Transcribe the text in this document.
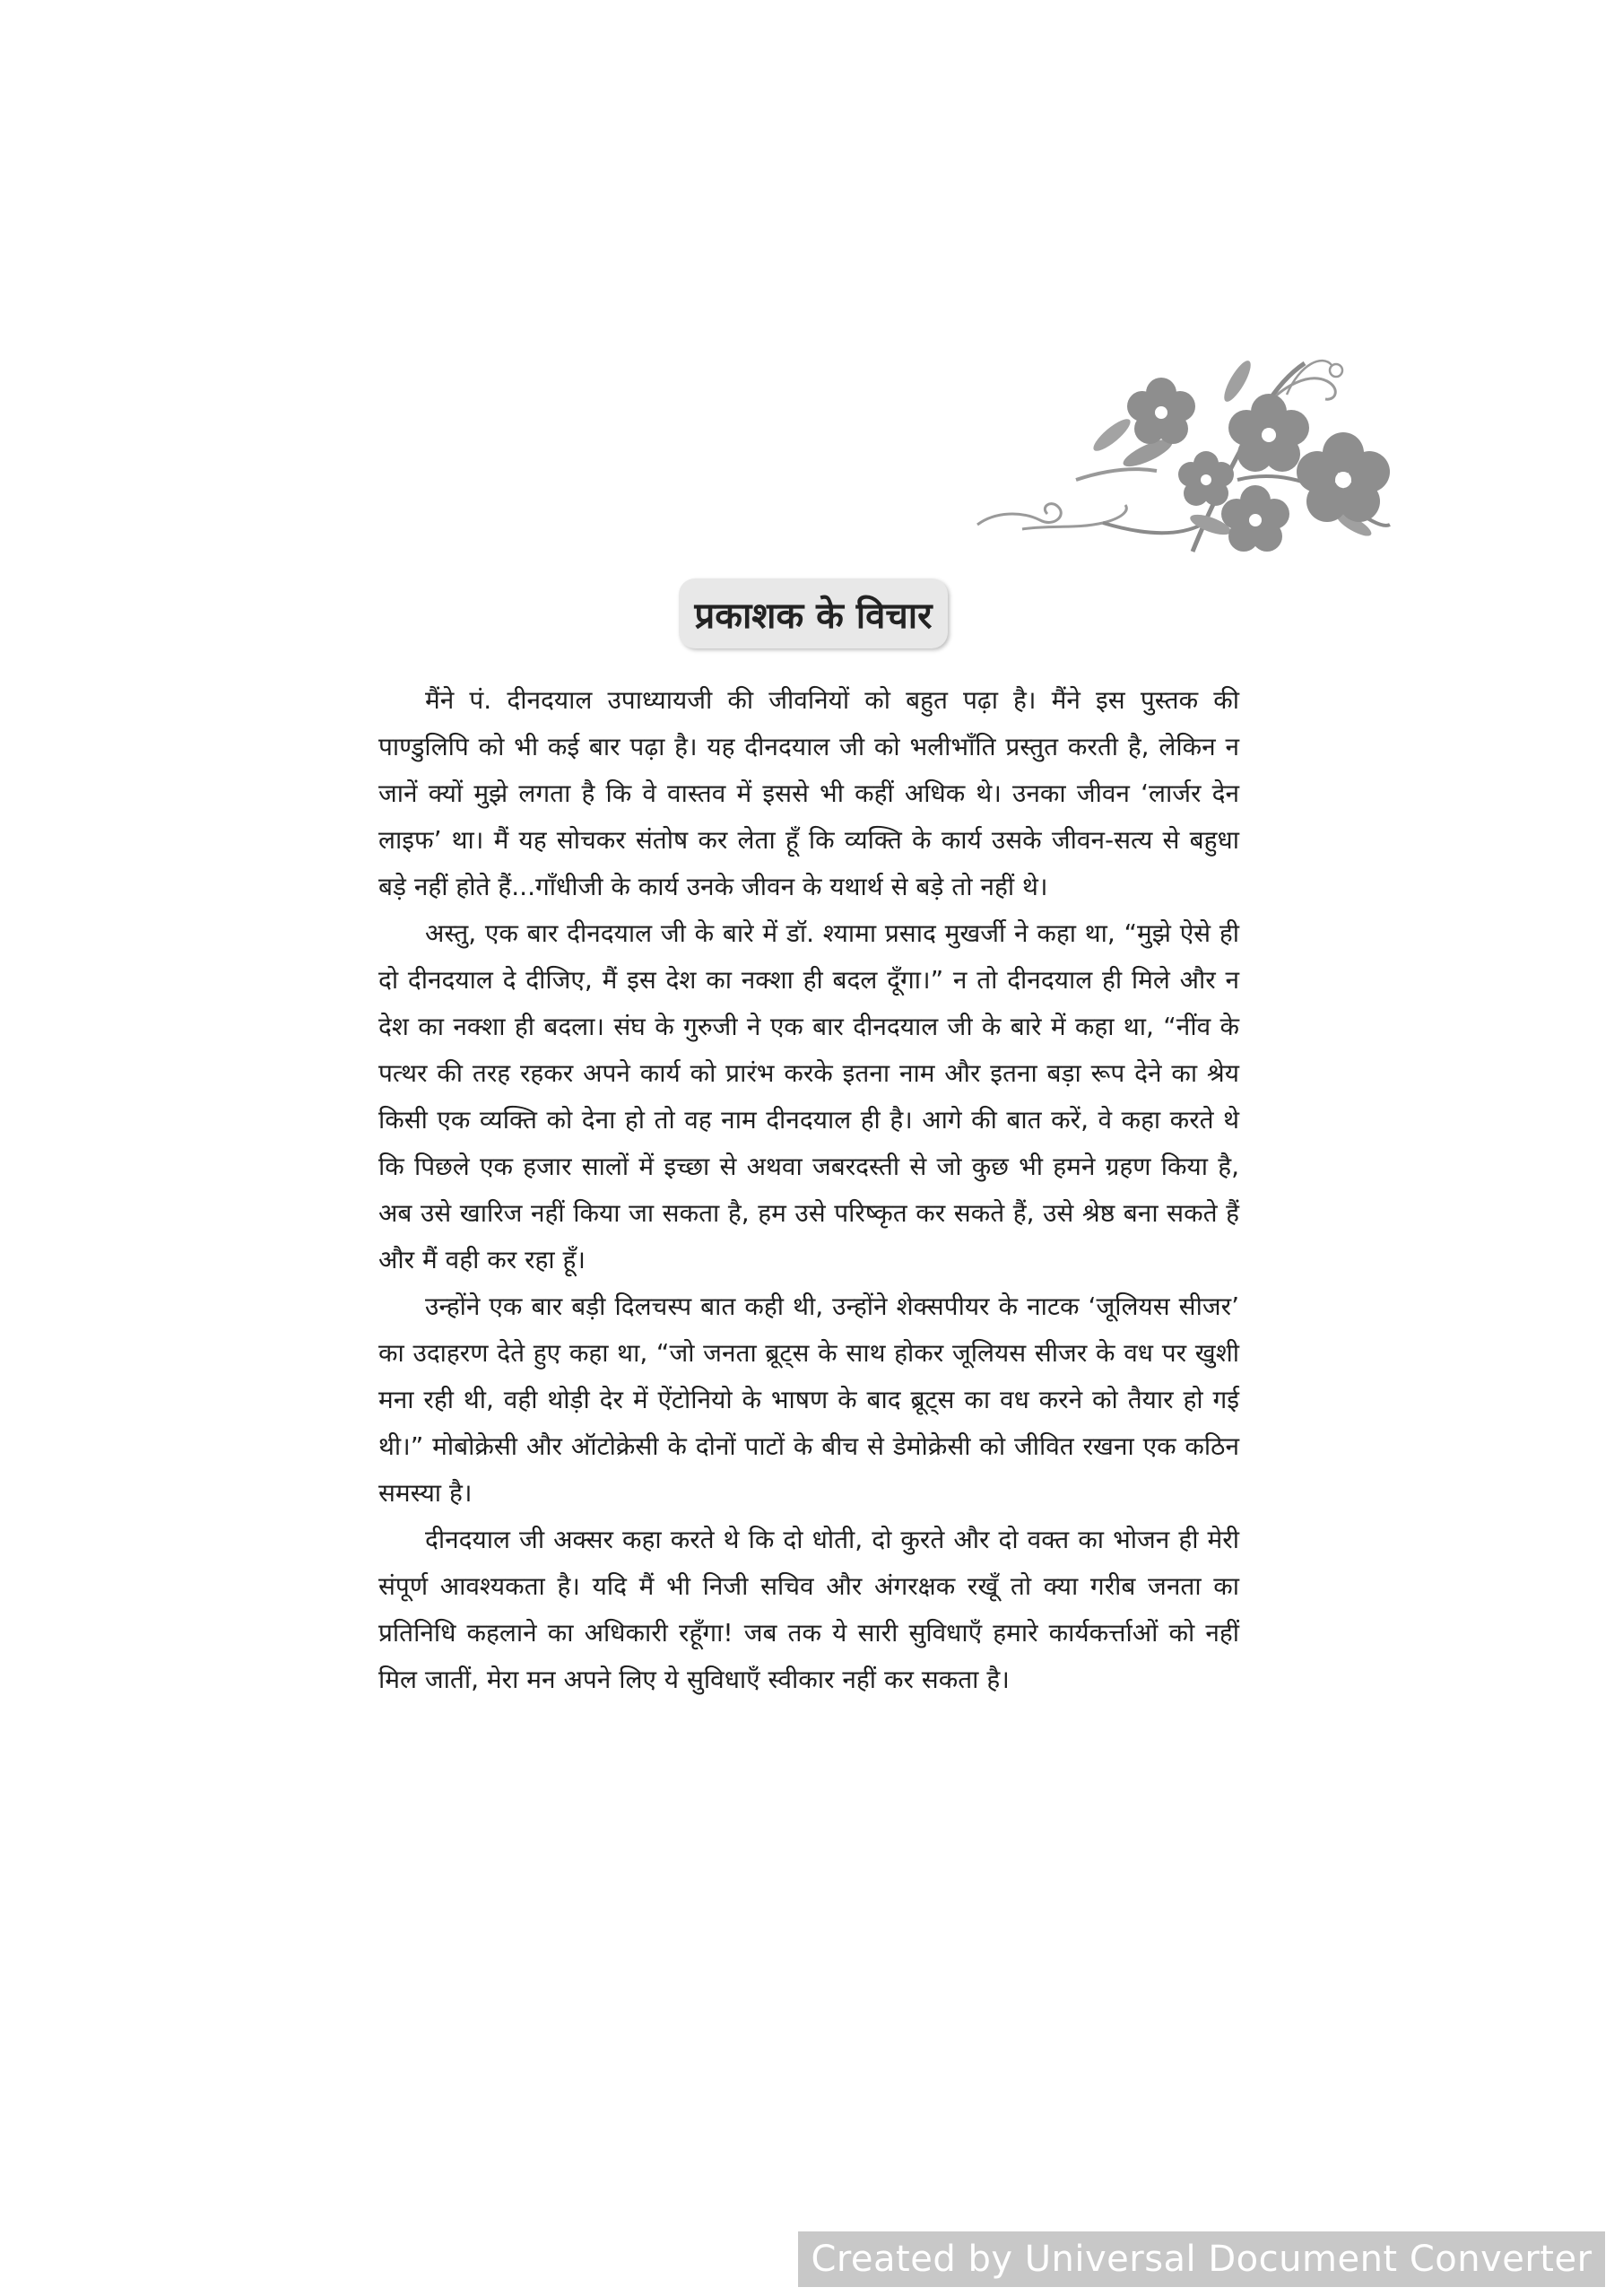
प्रकाशक के विचार

मैंने पं. दीनदयाल उपाध्यायजी की जीवनियों को बहुत पढ़ा है। मैंने इस पुस्तक की पाण्डुलिपि को भी कई बार पढ़ा है। यह दीनदयाल जी को भलीभाँति प्रस्तुत करती है, लेकिन न जानें क्यों मुझे लगता है कि वे वास्तव में इससे भी कहीं अधिक थे। उनका जीवन ‘लार्जर देन लाइफ’ था। मैं यह सोचकर संतोष कर लेता हूँ कि व्यक्ति के कार्य उसके जीवन-सत्य से बहुधा बड़े नहीं होते हैं...गाँधीजी के कार्य उनके जीवन के यथार्थ से बड़े तो नहीं थे।

अस्तु, एक बार दीनदयाल जी के बारे में डॉ. श्यामा प्रसाद मुखर्जी ने कहा था, “मुझे ऐसे ही दो दीनदयाल दे दीजिए, मैं इस देश का नक्शा ही बदल दूँगा।” न तो दीनदयाल ही मिले और न देश का नक्शा ही बदला। संघ के गुरुजी ने एक बार दीनदयाल जी के बारे में कहा था, “नींव के पत्थर की तरह रहकर अपने कार्य को प्रारंभ करके इतना नाम और इतना बड़ा रूप देने का श्रेय किसी एक व्यक्ति को देना हो तो वह नाम दीनदयाल ही है। आगे की बात करें, वे कहा करते थे कि पिछले एक हजार सालों में इच्छा से अथवा जबरदस्ती से जो कुछ भी हमने ग्रहण किया है, अब उसे खारिज नहीं किया जा सकता है, हम उसे परिष्कृत कर सकते हैं, उसे श्रेष्ठ बना सकते हैं और मैं वही कर रहा हूँ।

उन्होंने एक बार बड़ी दिलचस्प बात कही थी, उन्होंने शेक्सपीयर के नाटक ‘जूलियस सीजर’ का उदाहरण देते हुए कहा था, “जो जनता ब्रूट्स के साथ होकर जूलियस सीजर के वध पर खुशी मना रही थी, वही थोड़ी देर में ऐंटोनियो के भाषण के बाद ब्रूट्स का वध करने को तैयार हो गई थी।” मोबोक्रेसी और ऑटोक्रेसी के दोनों पाटों के बीच से डेमोक्रेसी को जीवित रखना एक कठिन समस्या है।

दीनदयाल जी अक्सर कहा करते थे कि दो धोती, दो कुरते और दो वक्त का भोजन ही मेरी संपूर्ण आवश्यकता है। यदि मैं भी निजी सचिव और अंगरक्षक रखूँ तो क्या गरीब जनता का प्रतिनिधि कहलाने का अधिकारी रहूँगा! जब तक ये सारी सुविधाएँ हमारे कार्यकर्त्ताओं को नहीं मिल जातीं, मेरा मन अपने लिए ये सुविधाएँ स्वीकार नहीं कर सकता है।

Created by Universal Document Converter
